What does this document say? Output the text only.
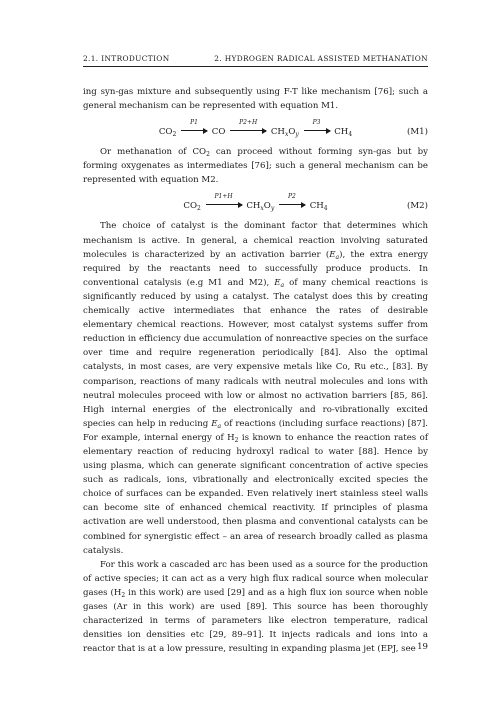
2.1. INTRODUCTION	2. HYDROGEN RADICAL ASSISTED METHANATION

ing syn-gas mixture and subsequently using F-T like mechanism [76]; such a general mechanism can be represented with equation M1.

$CO_2$
P1
CO
P2+H
$CH_xO_y$
P3
$CH_4$	(M1)

Or methanation of $CO_2$ can proceed without forming syn-gas but by forming oxygenates as intermediates [76]; such a general mechanism can be represented with equation M2.

$CO_2$
P1+H
$CH_xO_y$
P2
$CH_4$	(M2)

The choice of catalyst is the dominant factor that determines which mechanism is active. In general, a chemical reaction involving saturated molecules is characterized by an activation barrier $(E_a)$, the extra energy required by the reactants need to successfully produce products. In conventional catalysis (e.g M1 and M2), $E_a$ of many chemical reactions is significantly reduced by using a catalyst. The catalyst does this by creating chemically active intermediates that enhance the rates of desirable elementary chemical reactions. However, most catalyst systems suffer from reduction in efficiency due accumulation of nonreactive species on the surface over time and require regeneration periodically [84]. Also the optimal catalysts, in most cases, are very expensive metals like Co, Ru etc., [83]. By comparison, reactions of many radicals with neutral molecules and ions with neutral molecules proceed with low or almost no activation barriers [85, 86]. High internal energies of the electronically and ro-vibrationally excited species can help in reducing $E_a$ of reactions (including surface reactions) [87]. For example, internal energy of $H_2$ is known to enhance the reaction rates of elementary reaction of reducing hydroxyl radical to water [88]. Hence by using plasma, which can generate significant concentration of active species such as radicals, ions, vibrationally and electronically excited species the choice of surfaces can be expanded. Even relatively inert stainless steel walls can become site of enhanced chemical reactivity. If principles of plasma activation are well understood, then plasma and conventional catalysts can be combined for synergistic effect – an area of research broadly called as plasma catalysis.

For this work a cascaded arc has been used as a source for the production of active species; it can act as a very high flux radical source when molecular gases ($H_2$ in this work) are used [29] and as a high flux ion source when noble gases (Ar in this work) are used [89]. This source has been thoroughly characterized in terms of parameters like electron temperature, radical densities ion densities etc [29, 89–91]. It injects radicals and ions into a reactor that is at a low pressure, resulting in expanding plasma jet (EPJ, see 19
